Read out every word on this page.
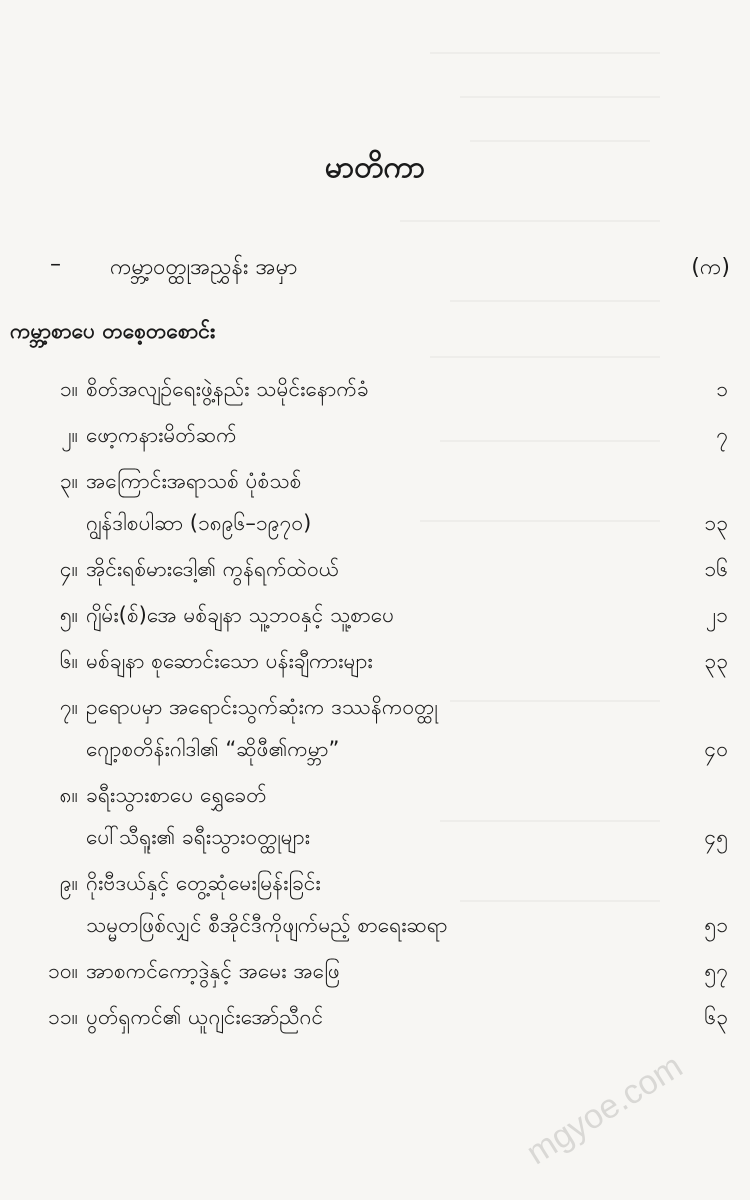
မာတိကာ
– ကမ္ဘာ့ဝတ္ထုအညွှန်း အမှာ	(က)
ကမ္ဘာ့စာပေ တစေ့တစောင်း
၁။ စိတ်အလျဉ်ရေးဖွဲ့နည်း သမိုင်းနောက်ခံ	၁
၂။ ဖော့ကနားမိတ်ဆက်	၇
၃။ အကြောင်းအရာသစ် ပုံစံသစ်
ဂျွန်ဒါစပါဆာ (၁၈၉၆–၁၉၇၀)	၁၃
၄။ အိုင်းရစ်မားဒေါ့၏ ကွန်ရက်ထဲဝယ်	၁၆
၅။ ဂျိမ်း(စ်)အေ မစ်ချနာ သူ့ဘဝနှင့် သူ့စာပေ	၂၁
၆။ မစ်ချနာ စုဆောင်းသော ပန်းချီကားများ	၃၃
၇။ ဥရောပမှာ အရောင်းသွက်ဆုံးက ဒဿနိကဝတ္ထု
ဂျော့စတိန်းဂါဒါ၏ “ဆိုဖီ၏ကမ္ဘာ”	၄၀
၈။ ခရီးသွားစာပေ ရွှေခေတ်
ပေါ်သီရူး၏ ခရီးသွားဝတ္ထုများ	၄၅
၉။ ဂိုးဗီဒယ်နှင့် တွေ့ဆုံမေးမြန်းခြင်း
သမ္မတဖြစ်လျှင် စီအိုင်ဒီကိုဖျက်မည့် စာရေးဆရာ	၅၁
၁၀။ အာစကင်ကော့ဒွဲနှင့် အမေး အဖြေ	၅၇
၁၁။ ပွတ်ရှကင်၏ ယူဂျင်းအော်ညီဂင်	၆၃
mgyoe.com
